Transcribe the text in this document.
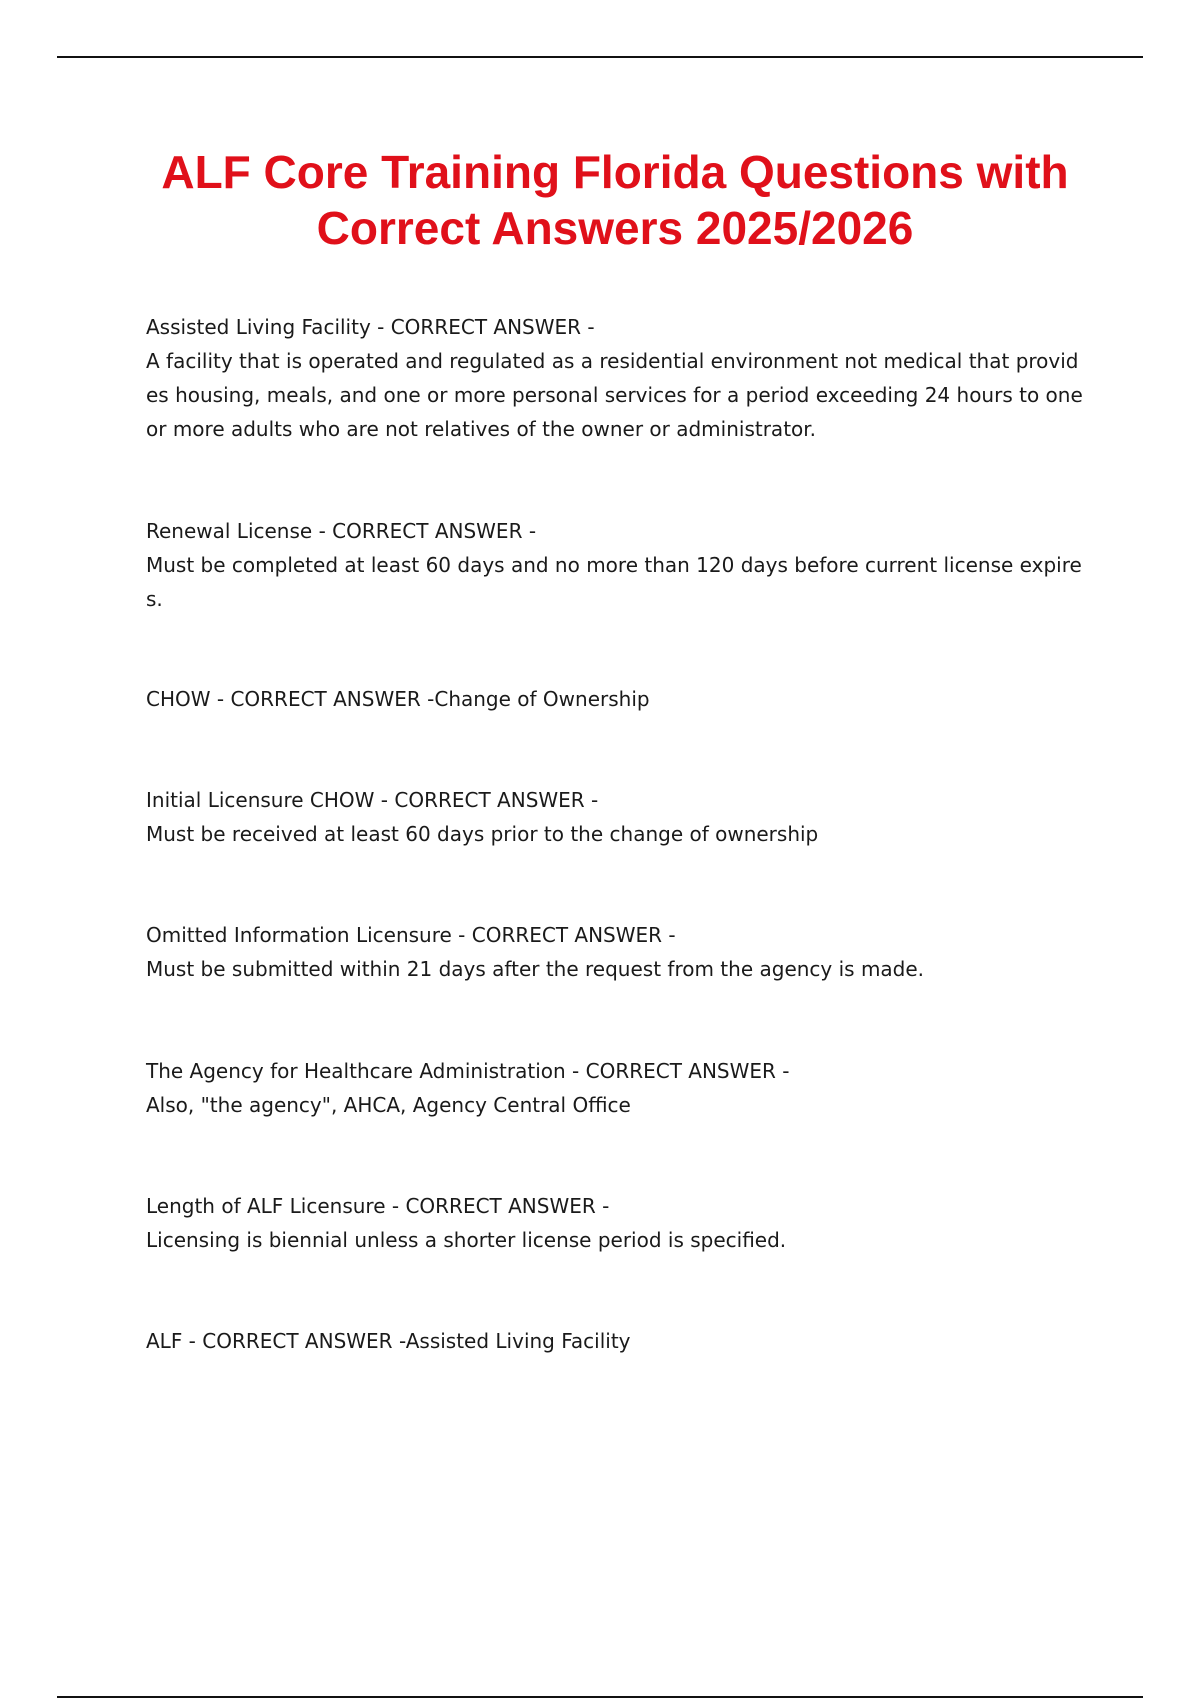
ALF Core Training Florida Questions with Correct Answers 2025/2026
Assisted Living Facility - CORRECT ANSWER -
A facility that is operated and regulated as a residential environment not medical that provides housing, meals, and one or more personal services for a period exceeding 24 hours to one or more adults who are not relatives of the owner or administrator.
Renewal License - CORRECT ANSWER -
Must be completed at least 60 days and no more than 120 days before current license expires.
CHOW - CORRECT ANSWER -Change of Ownership
Initial Licensure CHOW - CORRECT ANSWER -
Must be received at least 60 days prior to the change of ownership
Omitted Information Licensure - CORRECT ANSWER -
Must be submitted within 21 days after the request from the agency is made.
The Agency for Healthcare Administration - CORRECT ANSWER -
Also, "the agency", AHCA, Agency Central Office
Length of ALF Licensure - CORRECT ANSWER -
Licensing is biennial unless a shorter license period is specified.
ALF - CORRECT ANSWER -Assisted Living Facility
